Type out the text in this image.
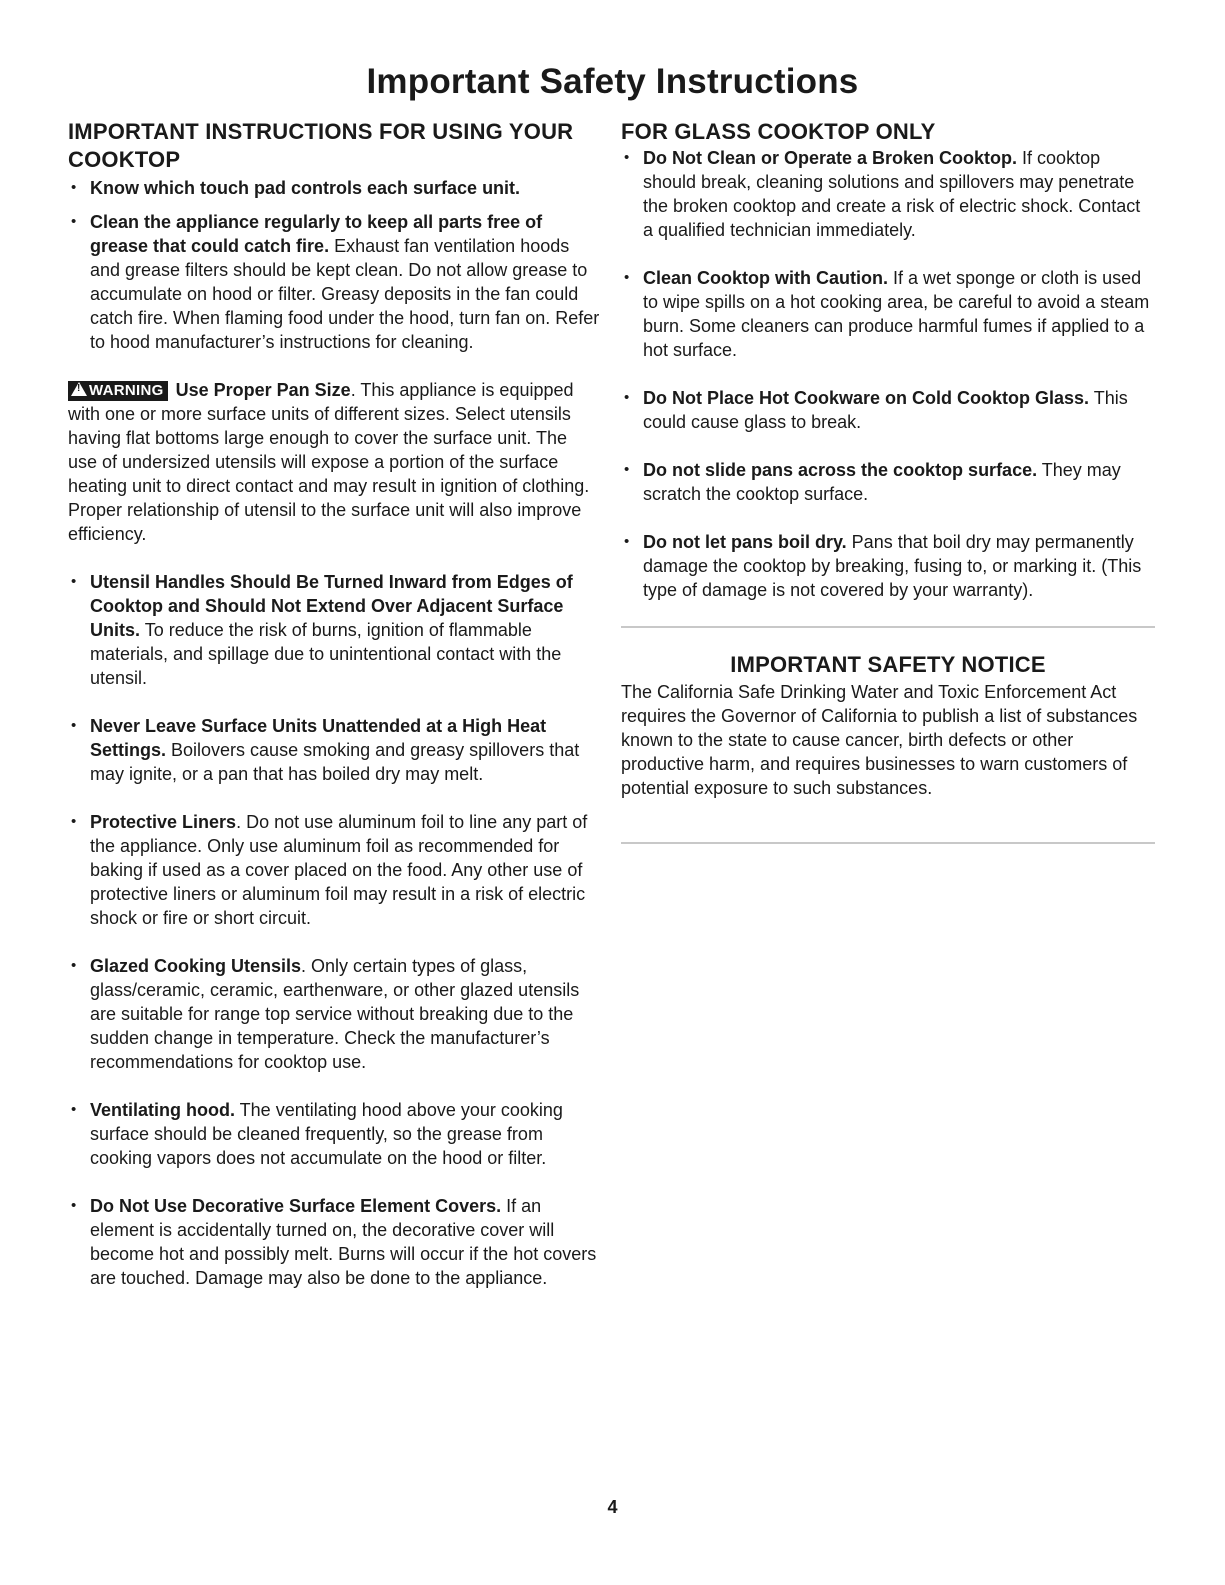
Important Safety Instructions
IMPORTANT INSTRUCTIONS FOR USING YOUR COOKTOP
• Know which touch pad controls each surface unit.
• Clean the appliance regularly to keep all parts free of grease that could catch fire. Exhaust fan ventilation hoods and grease filters should be kept clean. Do not allow grease to accumulate on hood or filter. Greasy deposits in the fan could catch fire. When flaming food under the hood, turn fan on. Refer to hood manufacturer’s instructions for cleaning.

!WARNING Use Proper Pan Size. This appliance is equipped with one or more surface units of different sizes. Select utensils having flat bottoms large enough to cover the surface unit. The use of undersized utensils will expose a portion of the surface heating unit to direct contact and may result in ignition of clothing. Proper relationship of utensil to the surface unit will also improve efficiency.

• Utensil Handles Should Be Turned Inward from Edges of Cooktop and Should Not Extend Over Adjacent Surface Units. To reduce the risk of burns, ignition of flammable materials, and spillage due to unintentional contact with the utensil.
• Never Leave Surface Units Unattended at a High Heat Settings. Boilovers cause smoking and greasy spillovers that may ignite, or a pan that has boiled dry may melt.
• Protective Liners. Do not use aluminum foil to line any part of the appliance. Only use aluminum foil as recommended for baking if used as a cover placed on the food. Any other use of protective liners or aluminum foil may result in a risk of electric shock or fire or short circuit.
• Glazed Cooking Utensils. Only certain types of glass, glass/ceramic, ceramic, earthenware, or other glazed utensils are suitable for range top service without breaking due to the sudden change in temperature. Check the manufacturer’s recommendations for cooktop use.
• Ventilating hood. The ventilating hood above your cooking surface should be cleaned frequently, so the grease from cooking vapors does not accumulate on the hood or filter.
• Do Not Use Decorative Surface Element Covers. If an element is accidentally turned on, the decorative cover will become hot and possibly melt. Burns will occur if the hot covers are touched. Damage may also be done to the appliance.
FOR GLASS COOKTOP ONLY
• Do Not Clean or Operate a Broken Cooktop. If cooktop should break, cleaning solutions and spillovers may penetrate the broken cooktop and create a risk of electric shock. Contact a qualified technician immediately.
• Clean Cooktop with Caution. If a wet sponge or cloth is used to wipe spills on a hot cooking area, be careful to avoid a steam burn. Some cleaners can produce harmful fumes if applied to a hot surface.
• Do Not Place Hot Cookware on Cold Cooktop Glass. This could cause glass to break.
• Do not slide pans across the cooktop surface. They may scratch the cooktop surface.
• Do not let pans boil dry. Pans that boil dry may permanently damage the cooktop by breaking, fusing to, or marking it. (This type of damage is not covered by your warranty).
IMPORTANT SAFETY NOTICE

The California Safe Drinking Water and Toxic Enforcement Act requires the Governor of California to publish a list of substances known to the state to cause cancer, birth defects or other productive harm, and requires businesses to warn customers of potential exposure to such substances.

4
